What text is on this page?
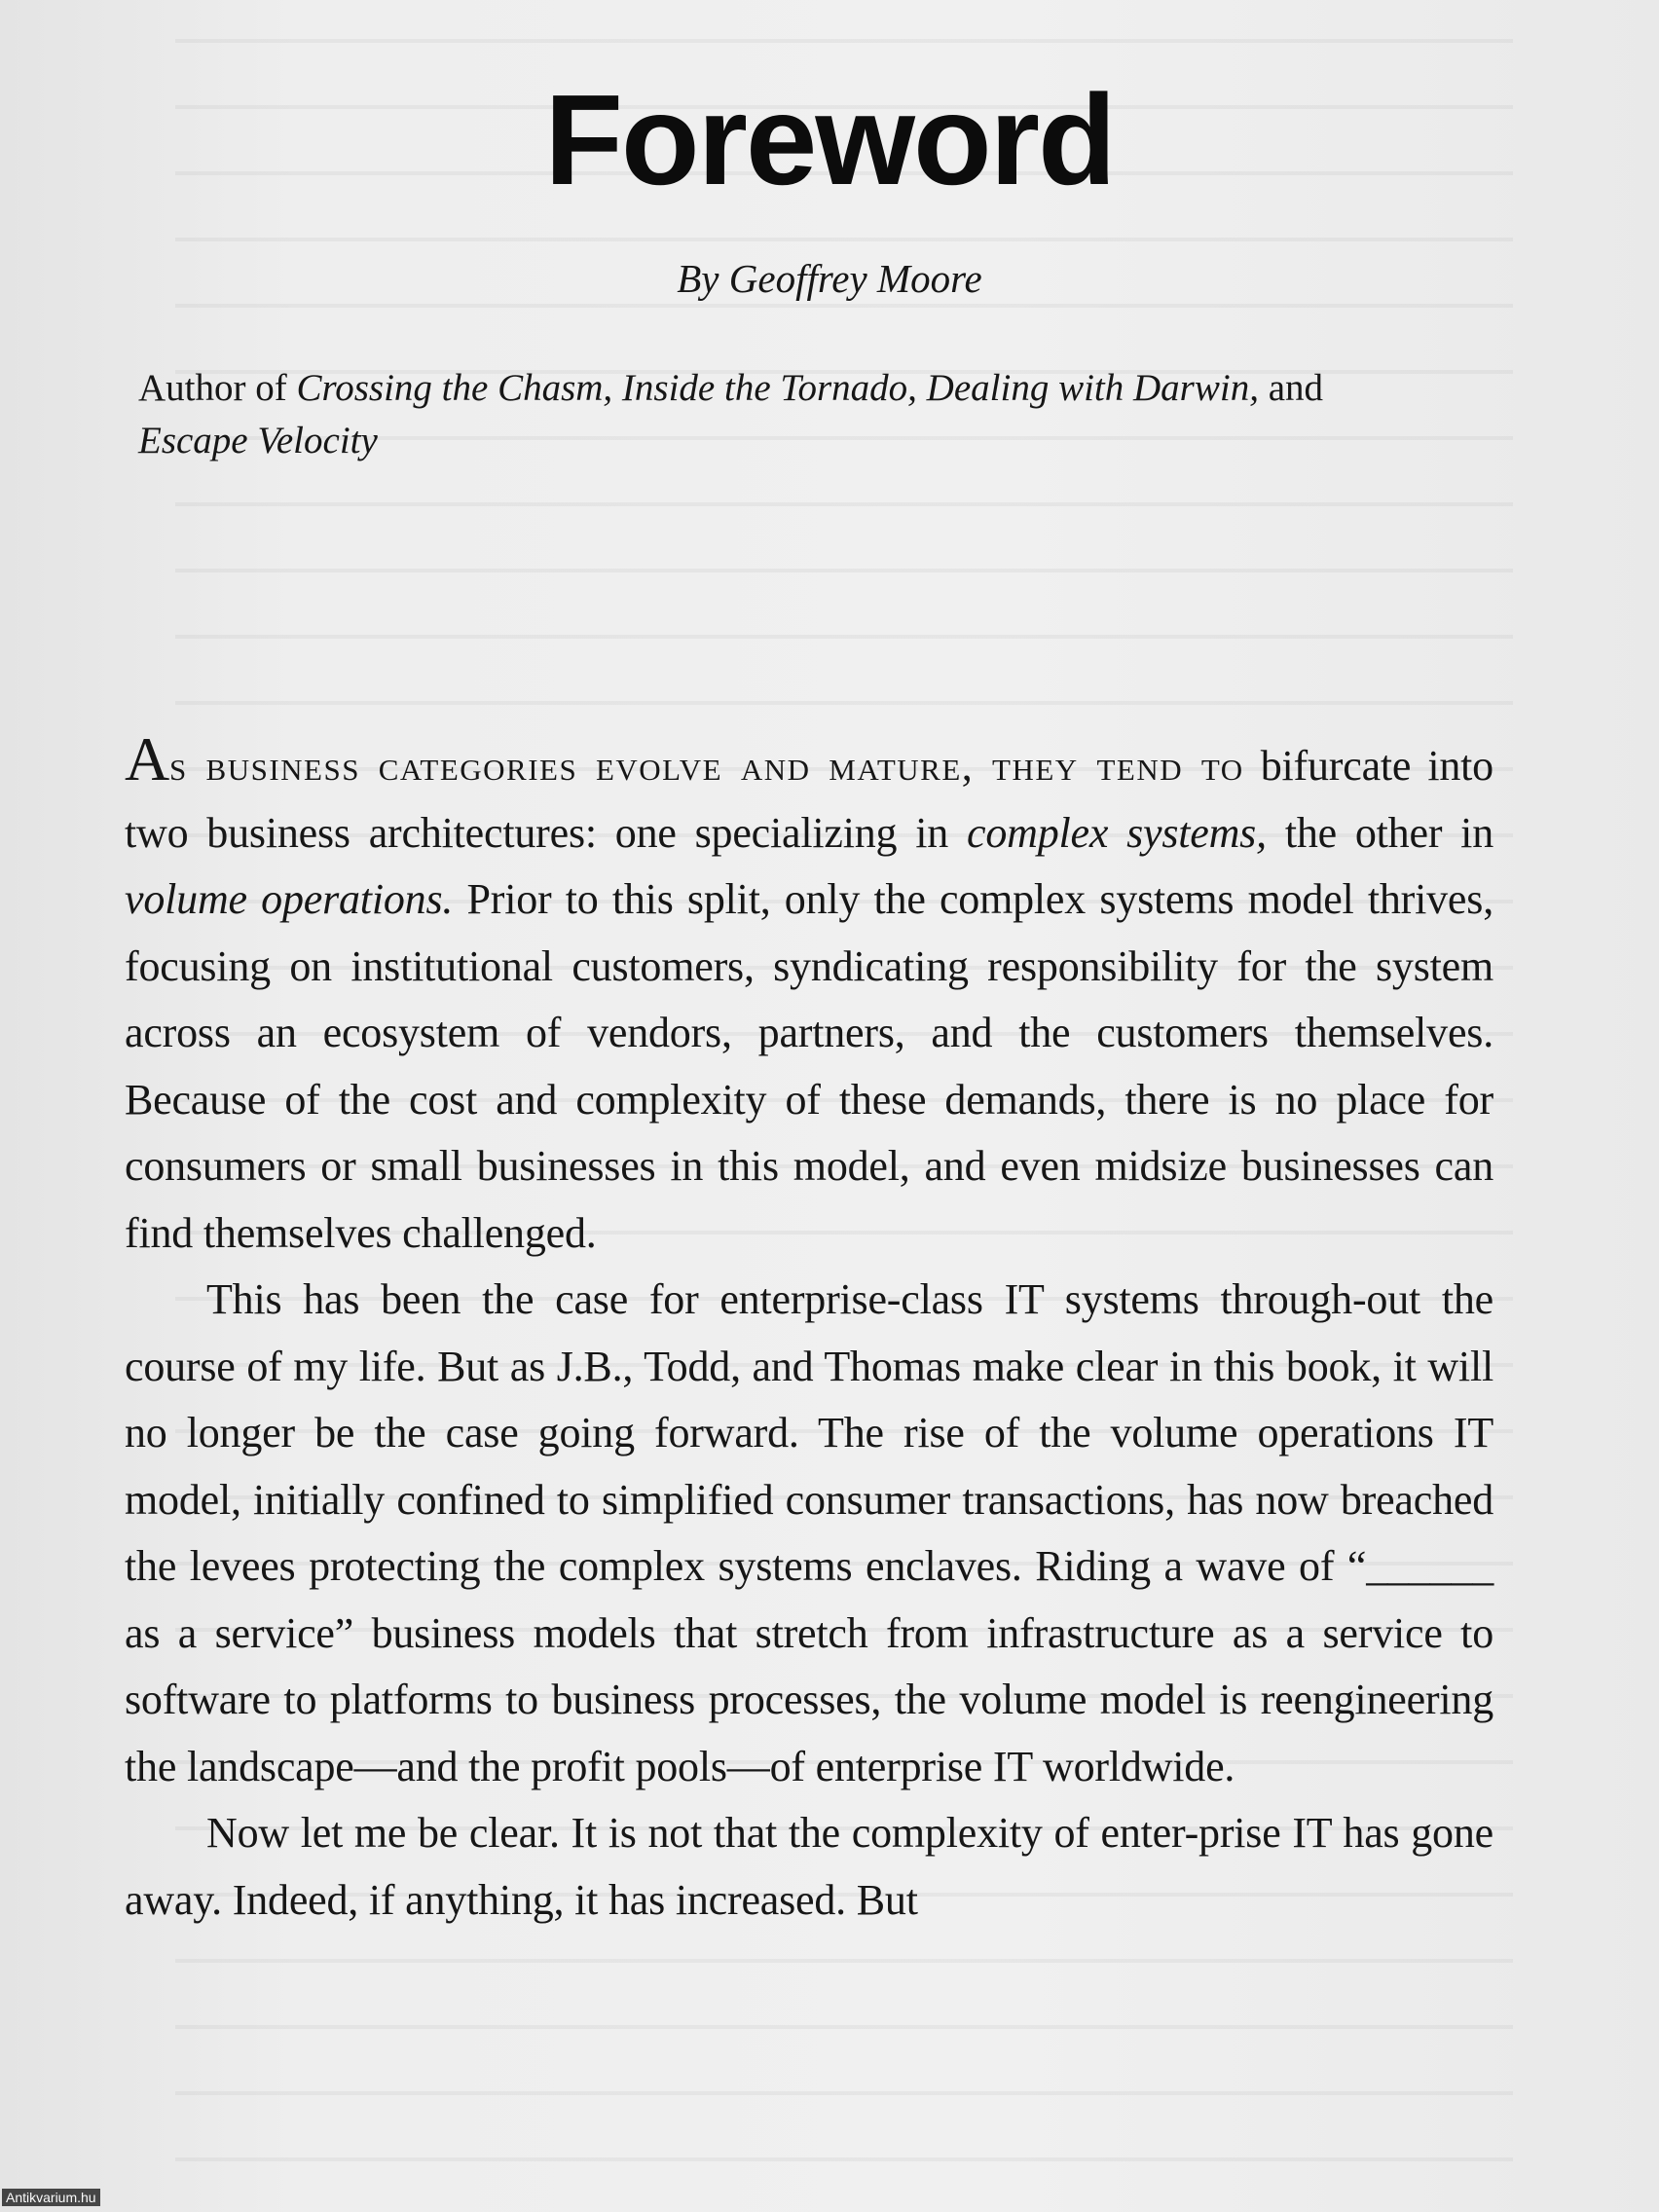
Foreword

By Geoffrey Moore

Author of Crossing the Chasm, Inside the Tornado, Dealing with Darwin, and Escape Velocity

As business categories evolve and mature, they tend to bifurcate into two business architectures: one specializing in complex systems, the other in volume operations. Prior to this split, only the complex systems model thrives, focusing on institutional customers, syndicating responsibility for the system across an ecosystem of vendors, partners, and the customers themselves. Because of the cost and complexity of these demands, there is no place for consumers or small businesses in this model, and even midsize businesses can find themselves challenged.

This has been the case for enterprise-class IT systems through-out the course of my life. But as J.B., Todd, and Thomas make clear in this book, it will no longer be the case going forward. The rise of the volume operations IT model, initially confined to simplified consumer transactions, has now breached the levees protecting the complex systems enclaves. Riding a wave of “______ as a service” business models that stretch from infrastructure as a service to software to platforms to business processes, the volume model is reengineering the landscape—and the profit pools—of enterprise IT worldwide.

Now let me be clear. It is not that the complexity of enter-prise IT has gone away. Indeed, if anything, it has increased. But

Antikvarium.hu
